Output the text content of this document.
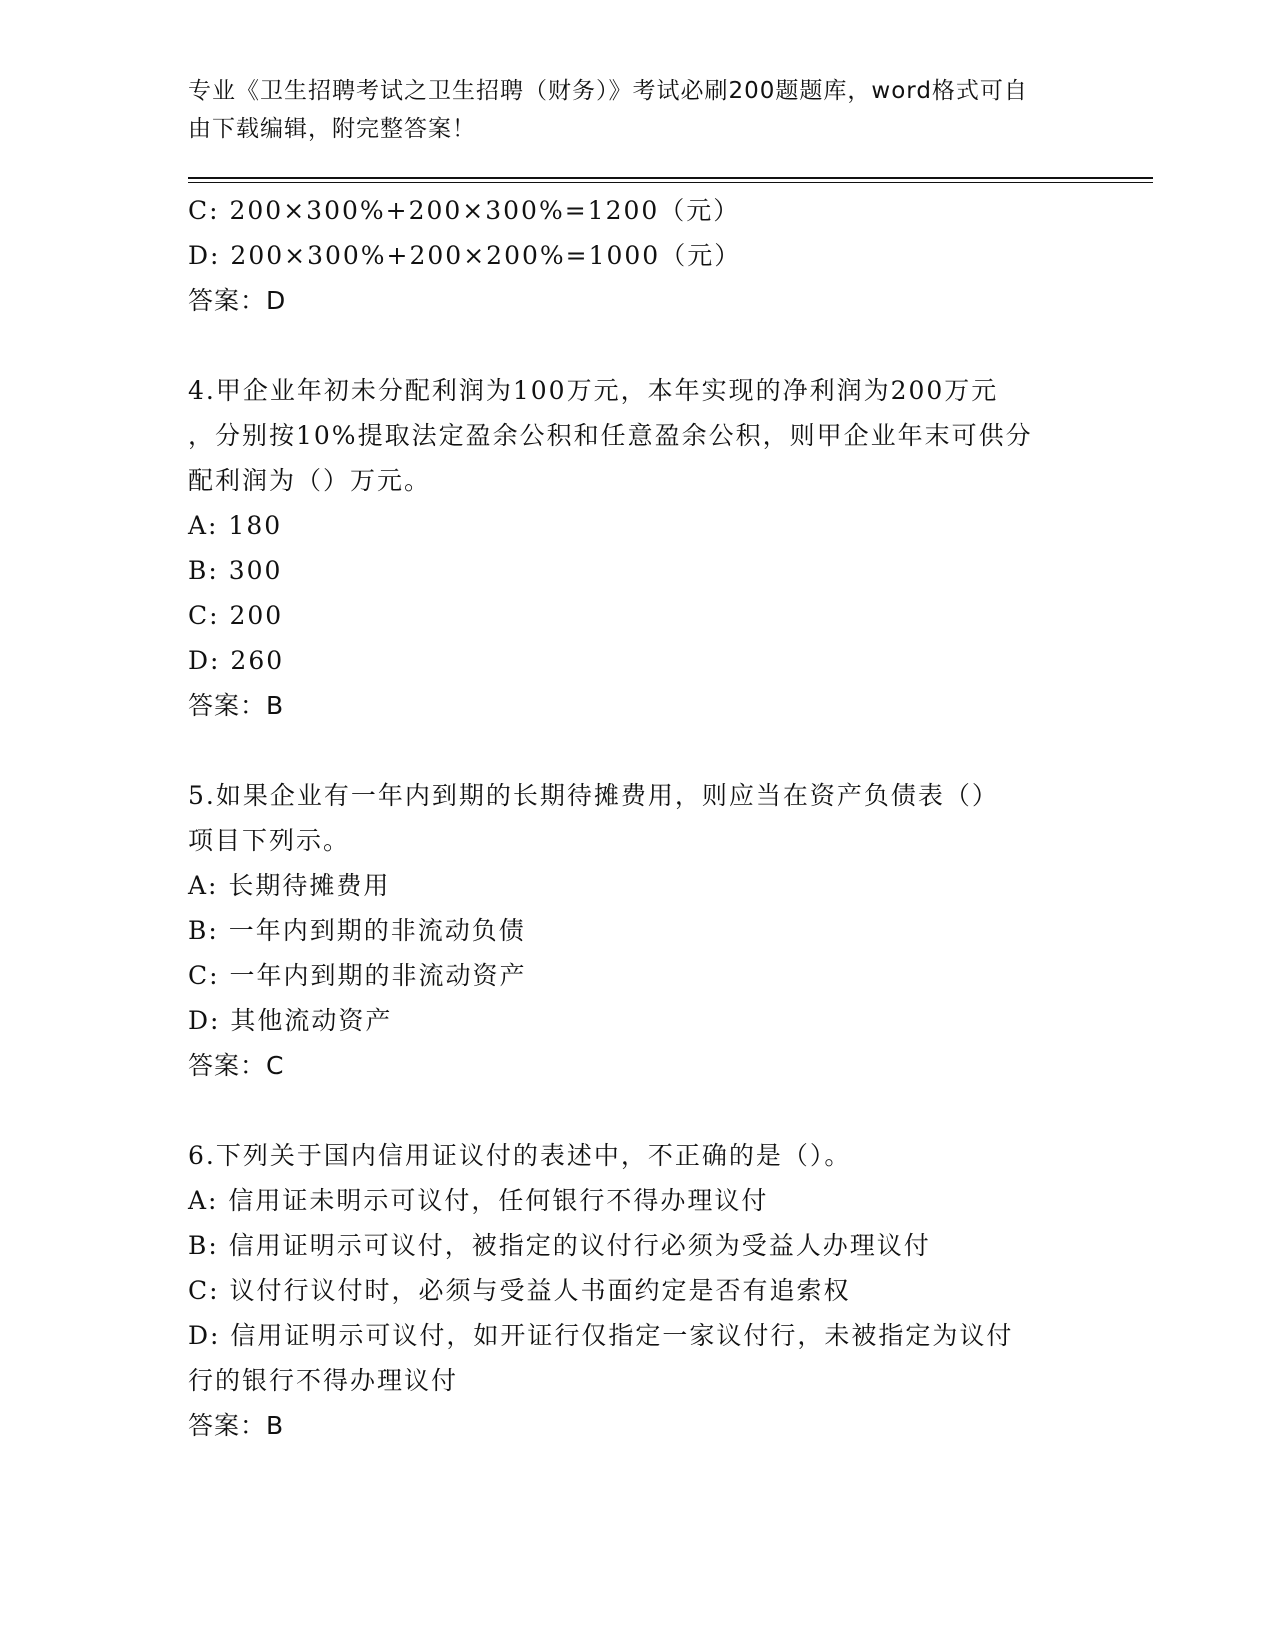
专业《卫生招聘考试之卫生招聘（财务）》考试必刷200题题库，word格式可自
由下载编辑，附完整答案！
C: 200×300%+200×300%=1200（元）
D: 200×300%+200×200%=1000（元）
答案：D
4.甲企业年初未分配利润为100万元，本年实现的净利润为200万元
，分别按10%提取法定盈余公积和任意盈余公积，则甲企业年末可供分
配利润为（）万元。
A: 180
B: 300
C: 200
D: 260
答案：B
5.如果企业有一年内到期的长期待摊费用，则应当在资产负债表（）
项目下列示。
A: 长期待摊费用
B: 一年内到期的非流动负债
C: 一年内到期的非流动资产
D: 其他流动资产
答案：C
6.下列关于国内信用证议付的表述中，不正确的是（）。
A: 信用证未明示可议付，任何银行不得办理议付
B: 信用证明示可议付，被指定的议付行必须为受益人办理议付
C: 议付行议付时，必须与受益人书面约定是否有追索权
D: 信用证明示可议付，如开证行仅指定一家议付行，未被指定为议付
行的银行不得办理议付
答案：B
